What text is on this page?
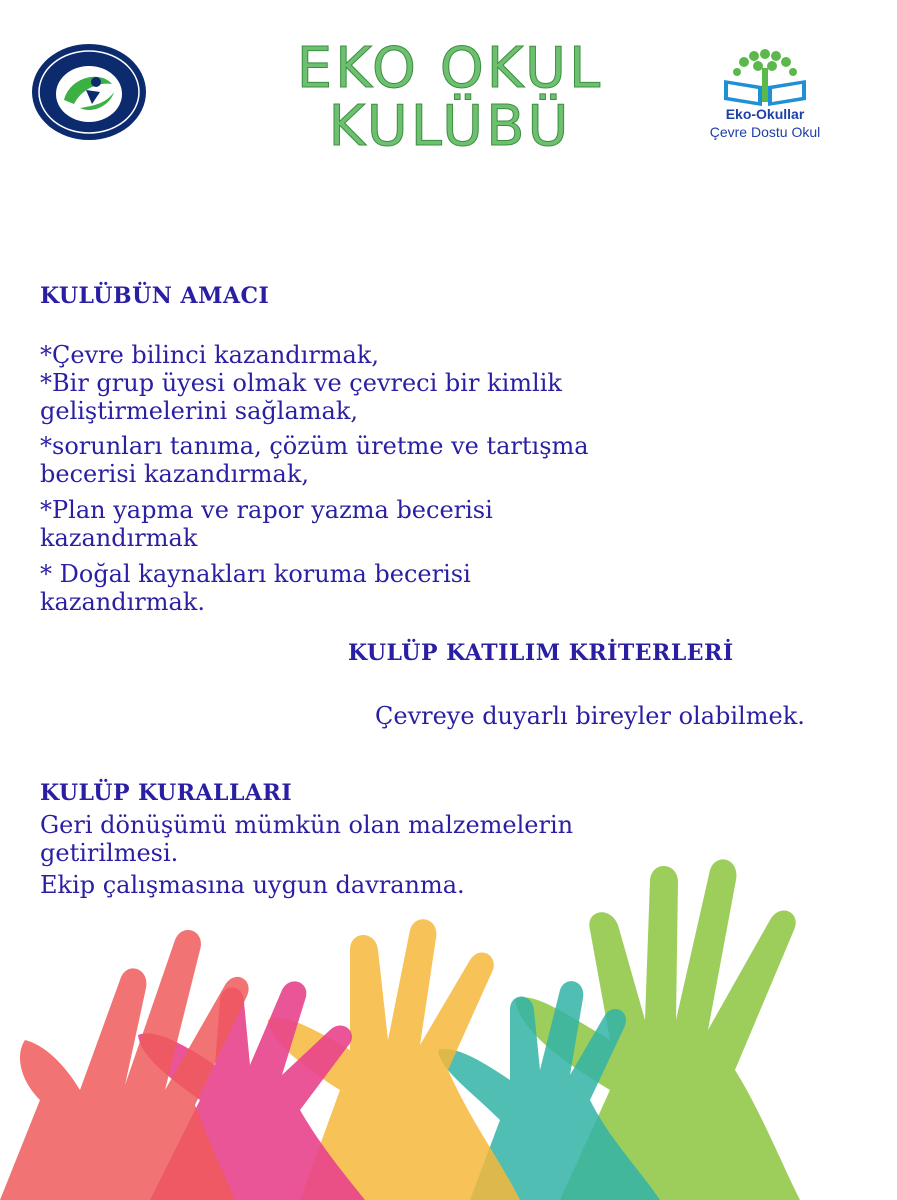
EKO OKUL
KULÜBÜ	Eko-Okullar
Çevre Dostu Okul
KULÜBÜN AMACI
*Çevre bilinci kazandırmak,
*Bir grup üyesi olmak ve çevreci bir kimlik
geliştirmelerini sağlamak,
*sorunları tanıma, çözüm üretme ve tartışma
becerisi kazandırmak,
*Plan yapma ve rapor yazma becerisi
kazandırmak
* Doğal kaynakları koruma becerisi
kazandırmak.
KULÜP KATILIM KRİTERLERİ
Çevreye duyarlı bireyler olabilmek.
KULÜP KURALLARI
Geri dönüşümü mümkün olan malzemelerin
getirilmesi.
Ekip çalışmasına uygun davranma.
